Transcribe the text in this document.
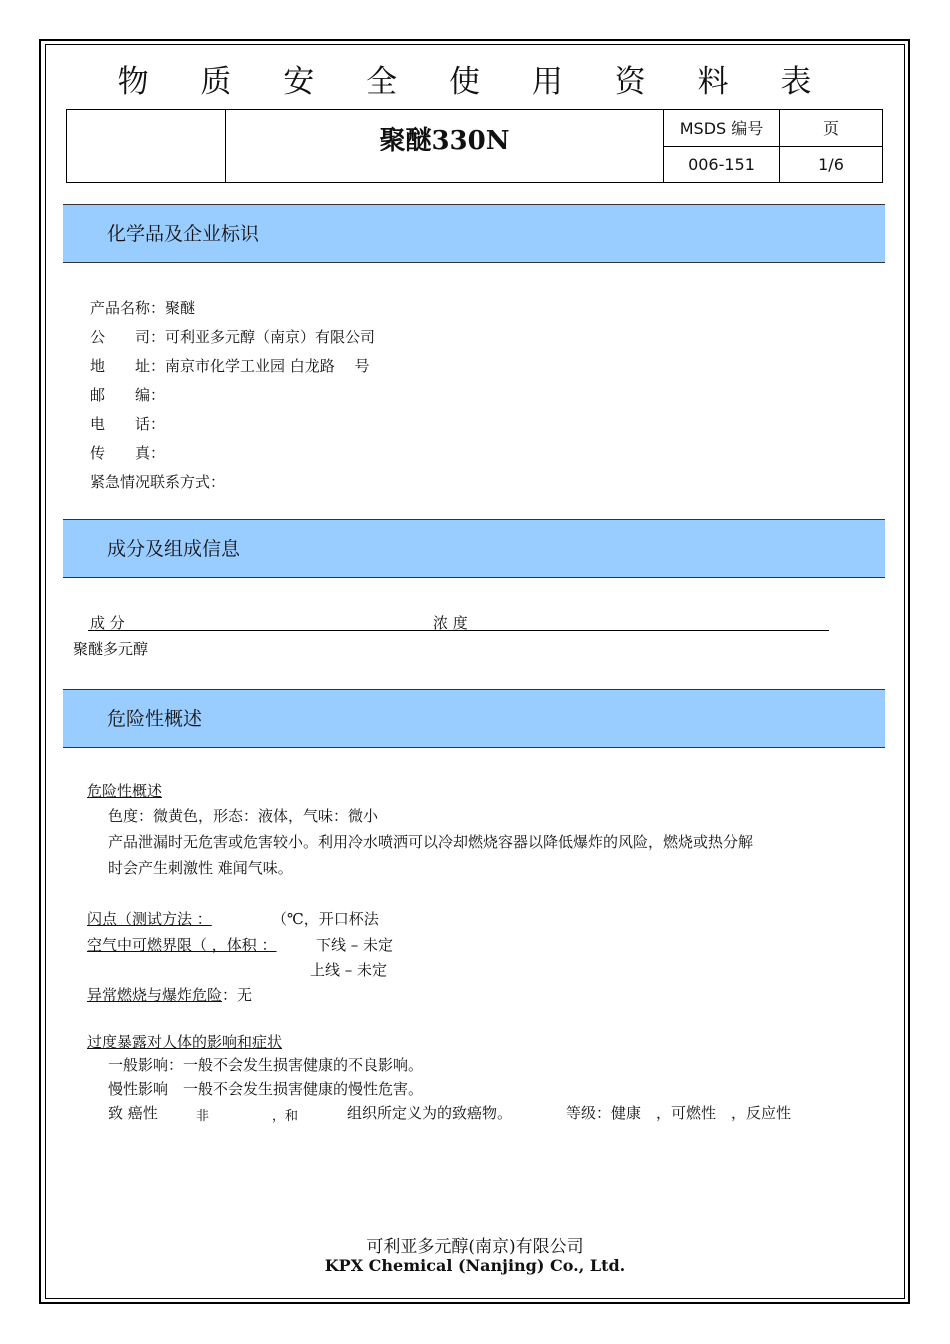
物 质 安 全 使 用 资 料 表
	聚醚330N	MSDS 编号	页
		006-151	1/6
化学品及企业标识
产品名称：聚醚
公　　司：可利亚多元醇（南京）有限公司
地　　址：南京市化学工业园 白龙路　 号
邮　　编：
电　　话：
传　　真：
紧急情况联系方式：
成分及组成信息
成 分	浓 度
聚醚多元醇
危险性概述
危险性概述
色度：微黄色，形态：液体，气味：微小
产品泄漏时无危害或危害较小。利用冷水喷洒可以冷却燃烧容器以降低爆炸的风险，燃烧或热分解
时会产生刺激性 难闻气味。
闪点（测试方法 ：	（℃，开口杯法
空气中可燃界限（ ，体积 ：	下线 – 未定
上线 – 未定
异常燃烧与爆炸危险：无
过度暴露对人体的影响和症状
一般影响：一般不会发生损害健康的不良影响。
慢性影响　一般不会发生损害健康的慢性危害。
致 癌性	非	，和	组织所定义为的致癌物。	等级：健康　，可燃性　，反应性
可利亚多元醇(南京)有限公司
KPX Chemical (Nanjing) Co., Ltd.
